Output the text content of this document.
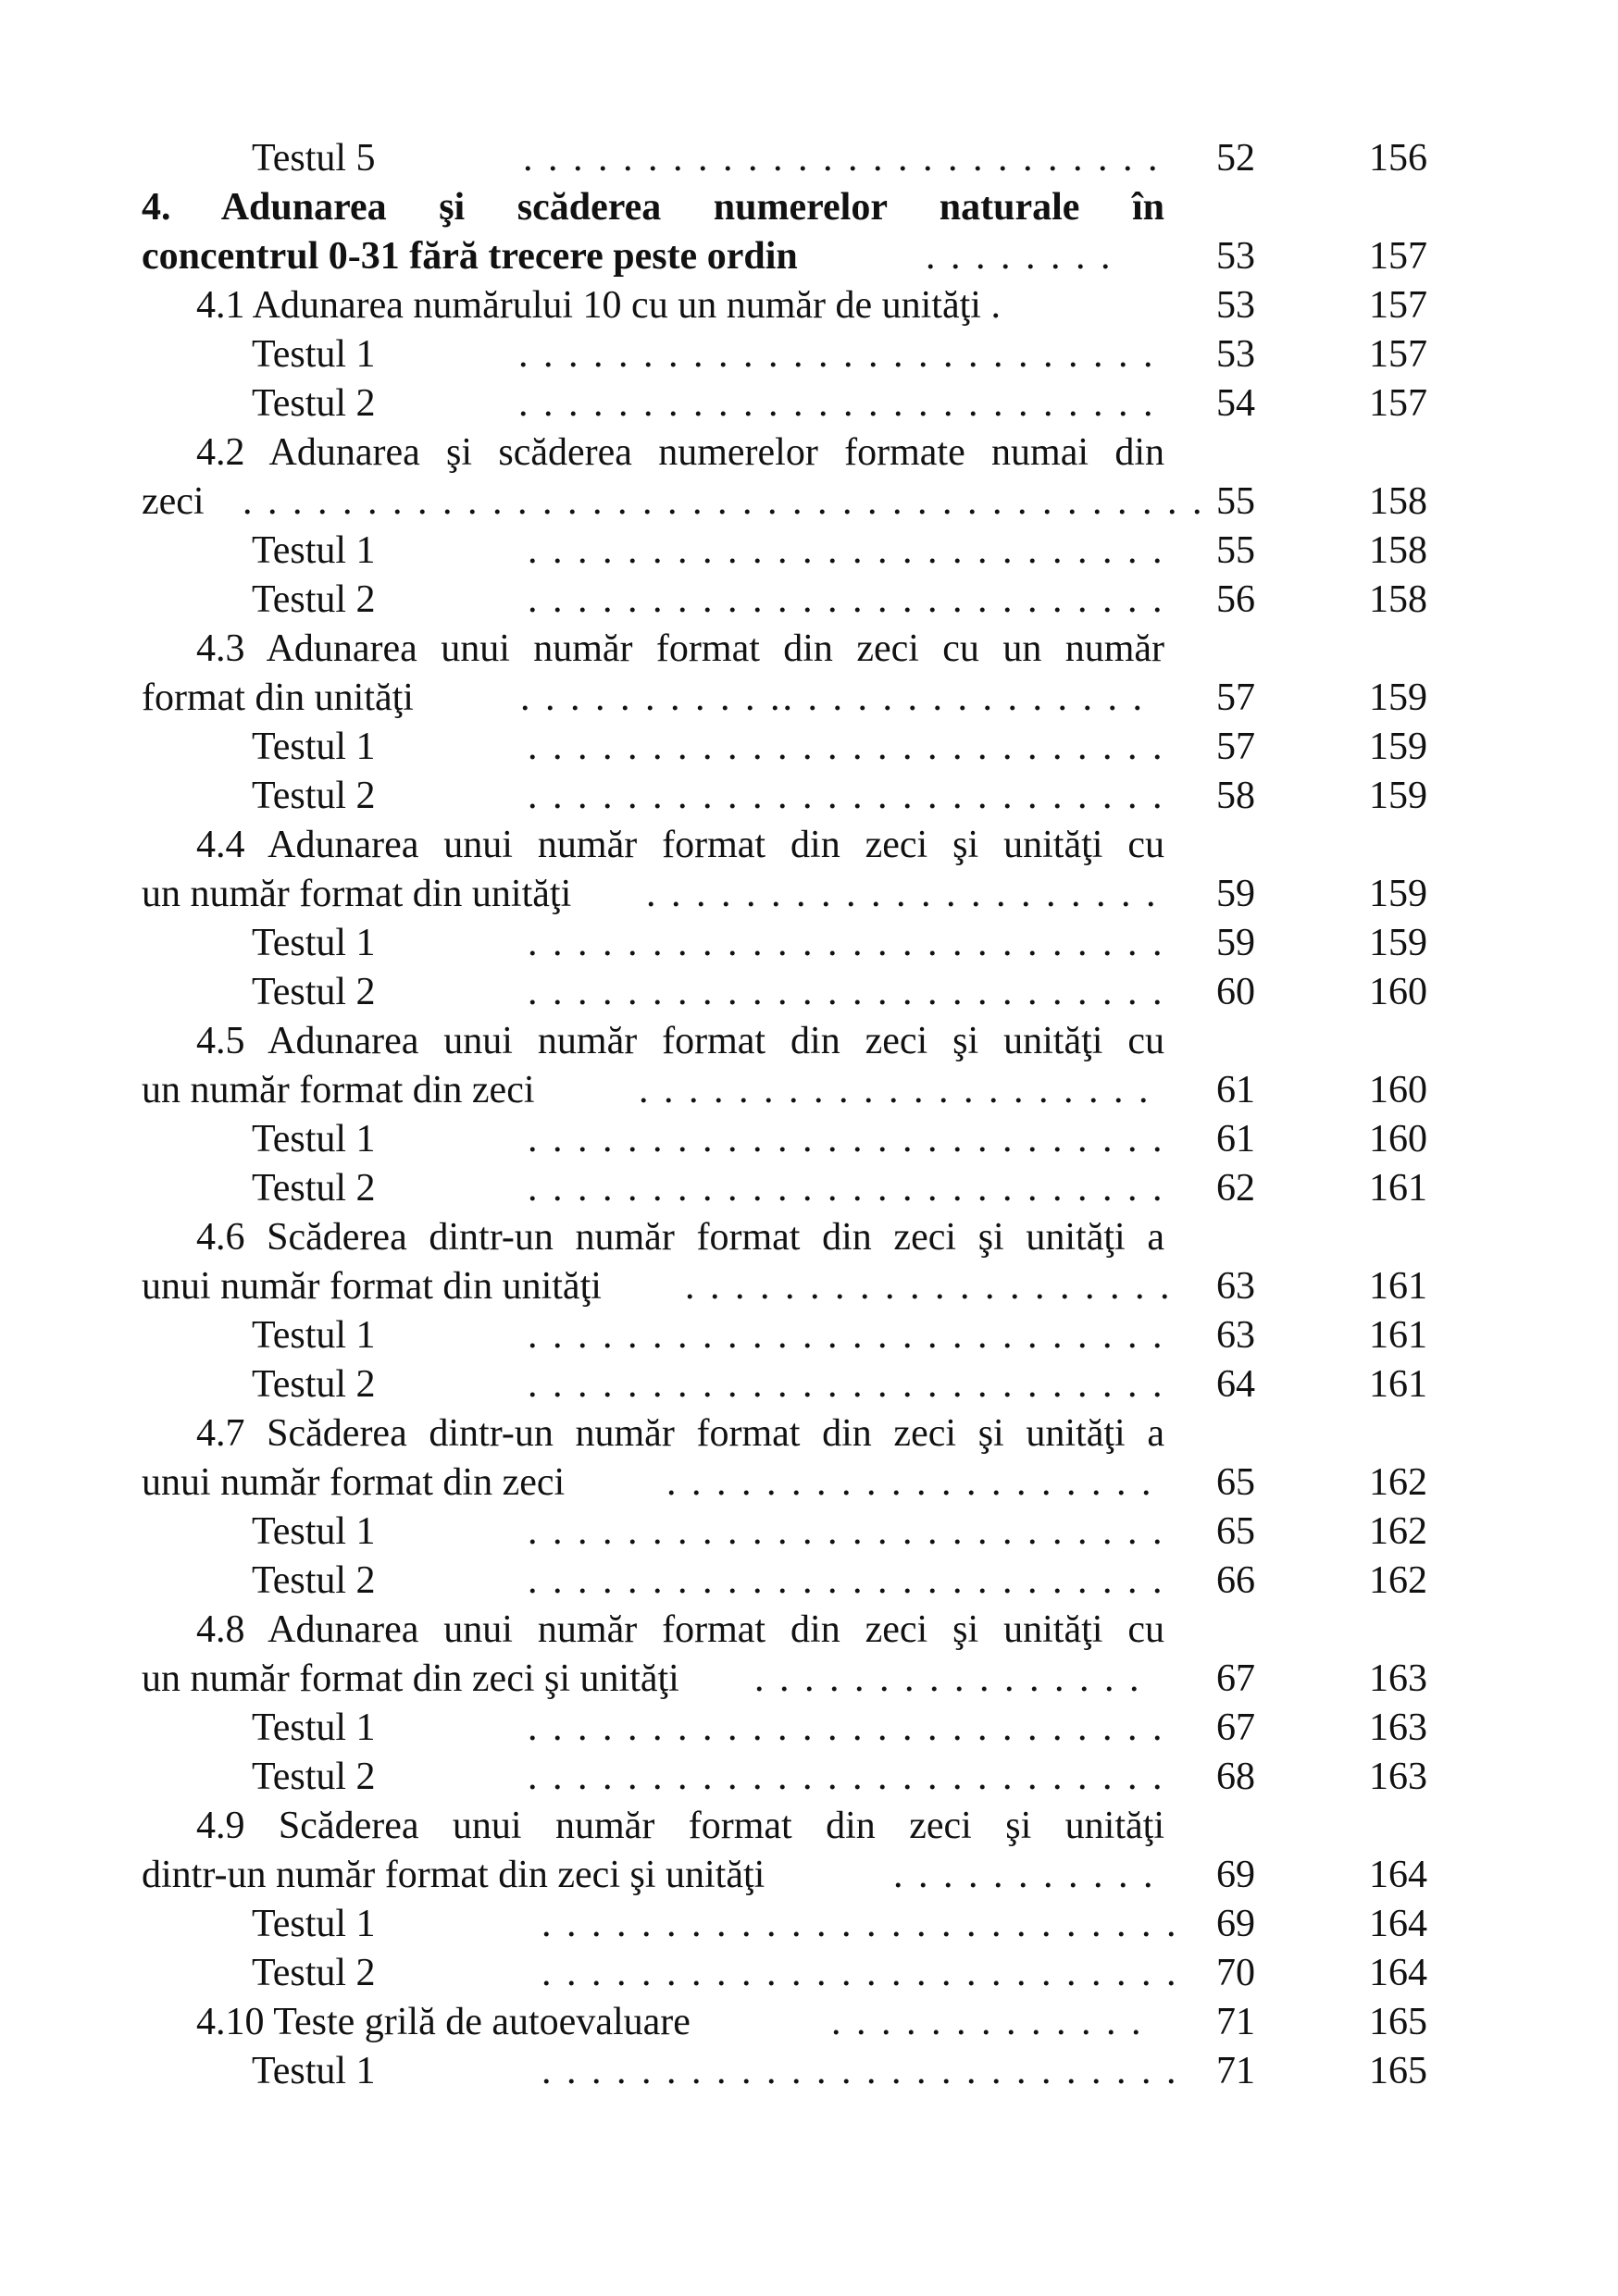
Testul 5	. . . . . . . . . . . . . . . . . . . . . . . . . .	52	156
4. Adunarea şi scăderea numerelor naturale în
concentrul 0-31 fără trecere peste ordin	. . . . . . . .	53	157
4.1 Adunarea numărului 10 cu un număr de unităţi .	53	157
Testul 1	. . . . . . . . . . . . . . . . . . . . . . . . . .	53	157
Testul 2	. . . . . . . . . . . . . . . . . . . . . . . . . .	54	157
4.2 Adunarea şi scăderea numerelor formate numai din
zeci . . . . . . . . . . . . . . . . . . . . . . . . . . . . . . . . . . . . . . . 55	158
Testul 1	. . . . . . . . . . . . . . . . . . . . . . . . . .	55	158
Testul 2	. . . . . . . . . . . . . . . . . . . . . . . . . .	56	158
4.3 Adunarea unui număr format din zeci cu un număr
format din unităţi	. . . . . . . . . . .. . . . . . . . . . . . . . .	57	159
Testul 1	. . . . . . . . . . . . . . . . . . . . . . . . . .	57	159
Testul 2	. . . . . . . . . . . . . . . . . . . . . . . . . .	58	159
4.4 Adunarea unui număr format din zeci şi unităţi cu
un număr format din unităţi . . . . . . . . . . . . . . . . . . . . .	59	159
Testul 1	. . . . . . . . . . . . . . . . . . . . . . . . . .	59	159
Testul 2	. . . . . . . . . . . . . . . . . . . . . . . . . .	60	160
4.5 Adunarea unui număr format din zeci şi unităţi cu
un număr format din zeci	. . . . . . . . . . . . . . . . . . . . .	61	160
Testul 1	. . . . . . . . . . . . . . . . . . . . . . . . . .	61	160
Testul 2	. . . . . . . . . . . . . . . . . . . . . . . . . .	62	161
4.6 Scăderea dintr-un număr format din zeci şi unităţi a
unui număr format din unităţi . . . . . . . . . . . . . . . . . . . .	63	161
Testul 1	. . . . . . . . . . . . . . . . . . . . . . . . . .	63	161
Testul 2	. . . . . . . . . . . . . . . . . . . . . . . . . .	64	161
4.7 Scăderea dintr-un număr format din zeci şi unităţi a
unui număr format din zeci	. . . . . . . . . . . . . . . . . . . .	65	162
Testul 1	. . . . . . . . . . . . . . . . . . . . . . . . . .	65	162
Testul 2	. . . . . . . . . . . . . . . . . . . . . . . . . .	66	162
4.8 Adunarea unui număr format din zeci şi unităţi cu
un număr format din zeci şi unităţi . . . . . . . . . . . . . . . .	67	163
Testul 1	. . . . . . . . . . . . . . . . . . . . . . . . . .	67	163
Testul 2	. . . . . . . . . . . . . . . . . . . . . . . . . .	68	163
4.9 Scăderea unui număr format din zeci şi unităţi
dintr-un număr format din zeci şi unităţi	. . . . . . . . . . .	69	164
Testul 1	. . . . . . . . . . . . . . . . . . . . . . . . . . 69	164
Testul 2	. . . . . . . . . . . . . . . . . . . . . . . . . . 70	164
4.10 Teste grilă de autoevaluare	. . . . . . . . . . . . .	71	165
Testul 1	. . . . . . . . . . . . . . . . . . . . . . . . . . 71	165
